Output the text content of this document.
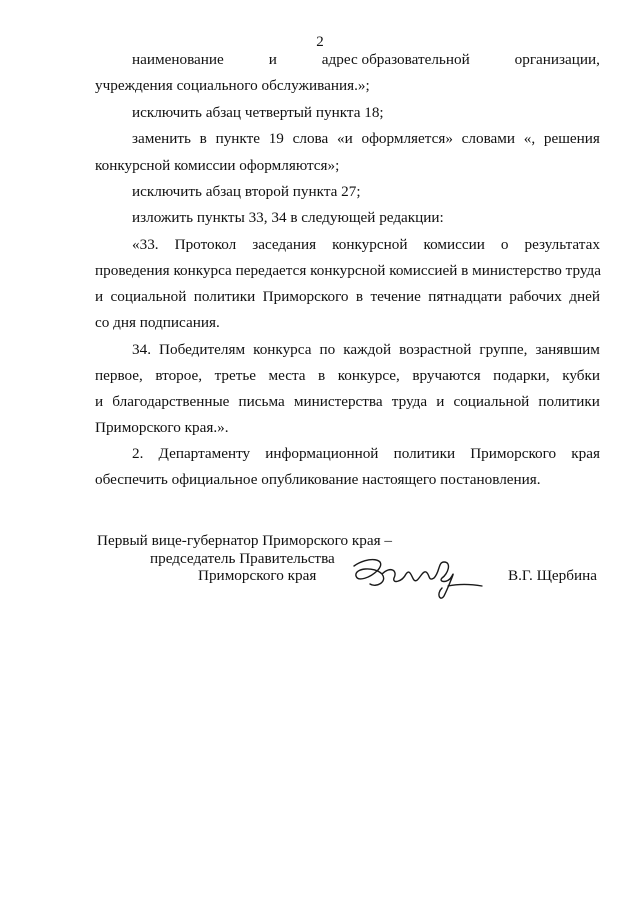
2
наименование	и	адрес образовательной	организации,
учреждения социального обслуживания.»;
исключить абзац четвертый пункта 18;
заменить в пункте 19 слова «и оформляется» словами «, решения
конкурсной комиссии оформляются»;
исключить абзац второй пункта 27;
изложить пункты 33, 34 в следующей редакции:
«33. Протокол заседания конкурсной комиссии о результатах
проведения конкурса передается конкурсной комиссией в министерство труда
и социальной политики Приморского в течение пятнадцати рабочих дней
со дня подписания.
34. Победителям конкурса по каждой возрастной группе, занявшим
первое, второе, третье места в конкурсе, вручаются подарки, кубки
и благодарственные письма министерства труда и социальной политики
Приморского края.».
2. Департаменту информационной политики Приморского края
обеспечить официальное опубликование настоящего постановления.
Первый вице-губернатор Приморского края –
председатель Правительства
Приморского края	В.Г. Щербина
